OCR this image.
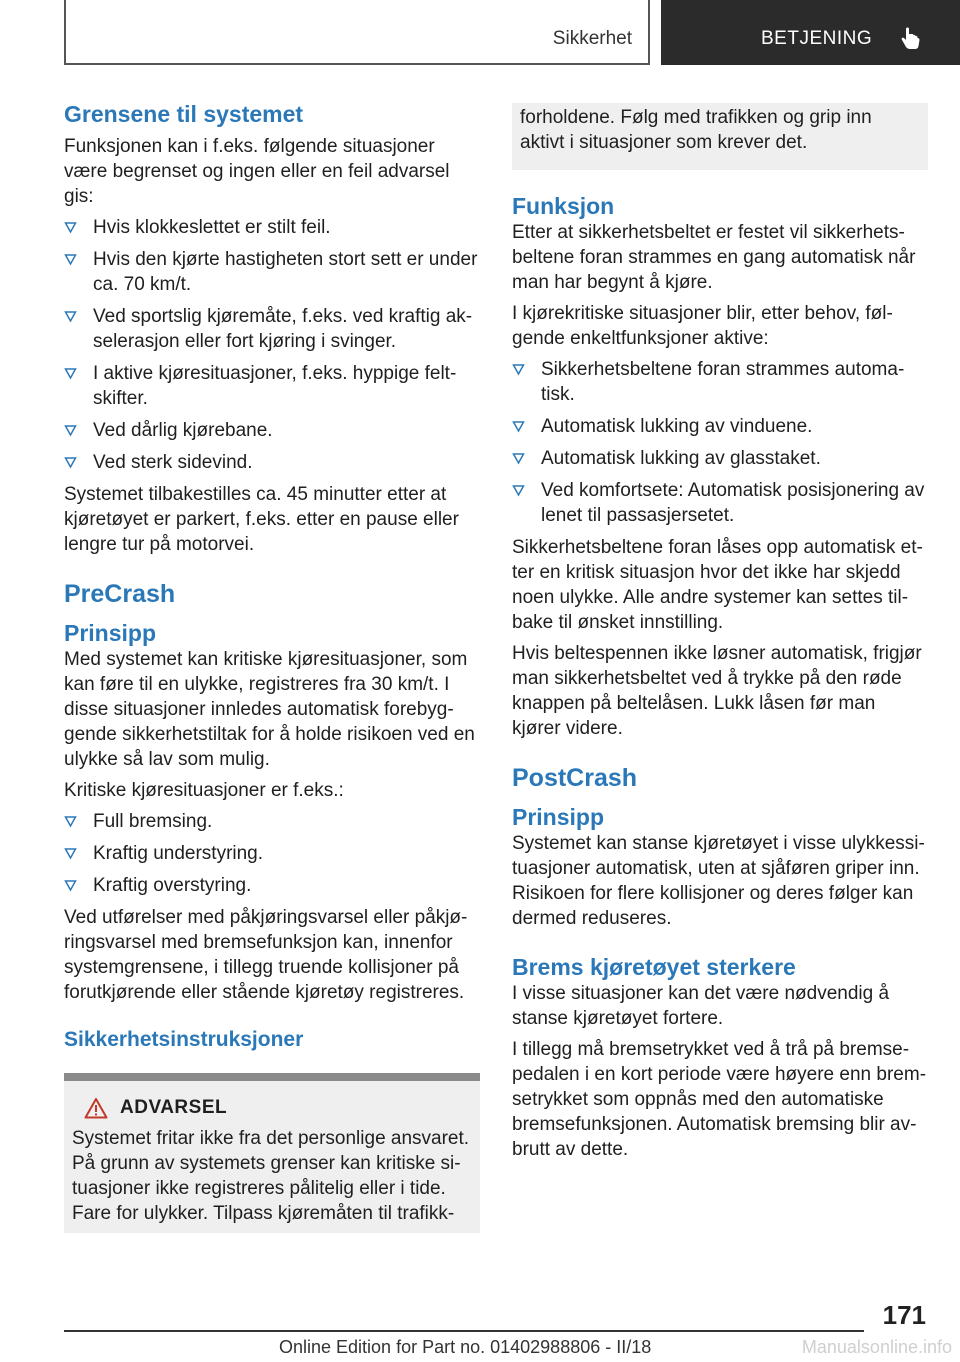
Sikkerhet	BETJENING
Grensene til systemet
Funksjonen kan i f.eks. følgende situasjoner være begrenset og ingen eller en feil advarsel gis:
Hvis klokkeslettet er stilt feil.
Hvis den kjørte hastigheten stort sett er under ca. 70 km/t.
Ved sportslig kjøremåte, f.eks. ved kraftig akselerasjon eller fort kjøring i svinger.
I aktive kjøresituasjoner, f.eks. hyppige feltskifter.
Ved dårlig kjørebane.
Ved sterk sidevind.
Systemet tilbakestilles ca. 45 minutter etter at kjøretøyet er parkert, f.eks. etter en pause eller lengre tur på motorvei.
PreCrash
Prinsipp
Med systemet kan kritiske kjøresituasjoner, som kan føre til en ulykke, registreres fra 30 km/t. I disse situasjoner innledes automatisk forebyggende sikkerhetstiltak for å holde risikoen ved en ulykke så lav som mulig.
Kritiske kjøresituasjoner er f.eks.:
Full bremsing.
Kraftig understyring.
Kraftig overstyring.
Ved utførelser med påkjøringsvarsel eller påkjøringsvarsel med bremsefunksjon kan, innenfor systemgrensene, i tillegg truende kollisjoner på forutkjørende eller stående kjøretøy registreres.
Sikkerhetsinstruksjoner
ADVARSEL
Systemet fritar ikke fra det personlige ansvaret. På grunn av systemets grenser kan kritiske situasjoner ikke registreres pålitelig eller i tide. Fare for ulykker. Tilpass kjøremåten til trafikk-
forholdene. Følg med trafikken og grip inn aktivt i situasjoner som krever det.
Funksjon
Etter at sikkerhetsbeltet er festet vil sikkerhetsbeltene foran strammes en gang automatisk når man har begynt å kjøre.
I kjørekritiske situasjoner blir, etter behov, følgende enkeltfunksjoner aktive:
Sikkerhetsbeltene foran strammes automatisk.
Automatisk lukking av vinduene.
Automatisk lukking av glasstaket.
Ved komfortsete: Automatisk posisjonering av lenet til passasjersetet.
Sikkerhetsbeltene foran låses opp automatisk etter en kritisk situasjon hvor det ikke har skjedd noen ulykke. Alle andre systemer kan settes tilbake til ønsket innstilling.
Hvis beltespennen ikke løsner automatisk, frigjør man sikkerhetsbeltet ved å trykke på den røde knappen på beltelåsen. Lukk låsen før man kjører videre.
PostCrash
Prinsipp
Systemet kan stanse kjøretøyet i visse ulykkessituasjoner automatisk, uten at sjåføren griper inn. Risikoen for flere kollisjoner og deres følger kan dermed reduseres.
Brems kjøretøyet sterkere
I visse situasjoner kan det være nødvendig å stanse kjøretøyet fortere.
I tillegg må bremsetrykket ved å trå på bremsepedalen i en kort periode være høyere enn bremsetrykket som oppnås med den automatiske bremsefunksjonen. Automatisk bremsing blir avbrutt av dette.
171
Online Edition for Part no. 01402988806 - II/18	Manualsonline.info
